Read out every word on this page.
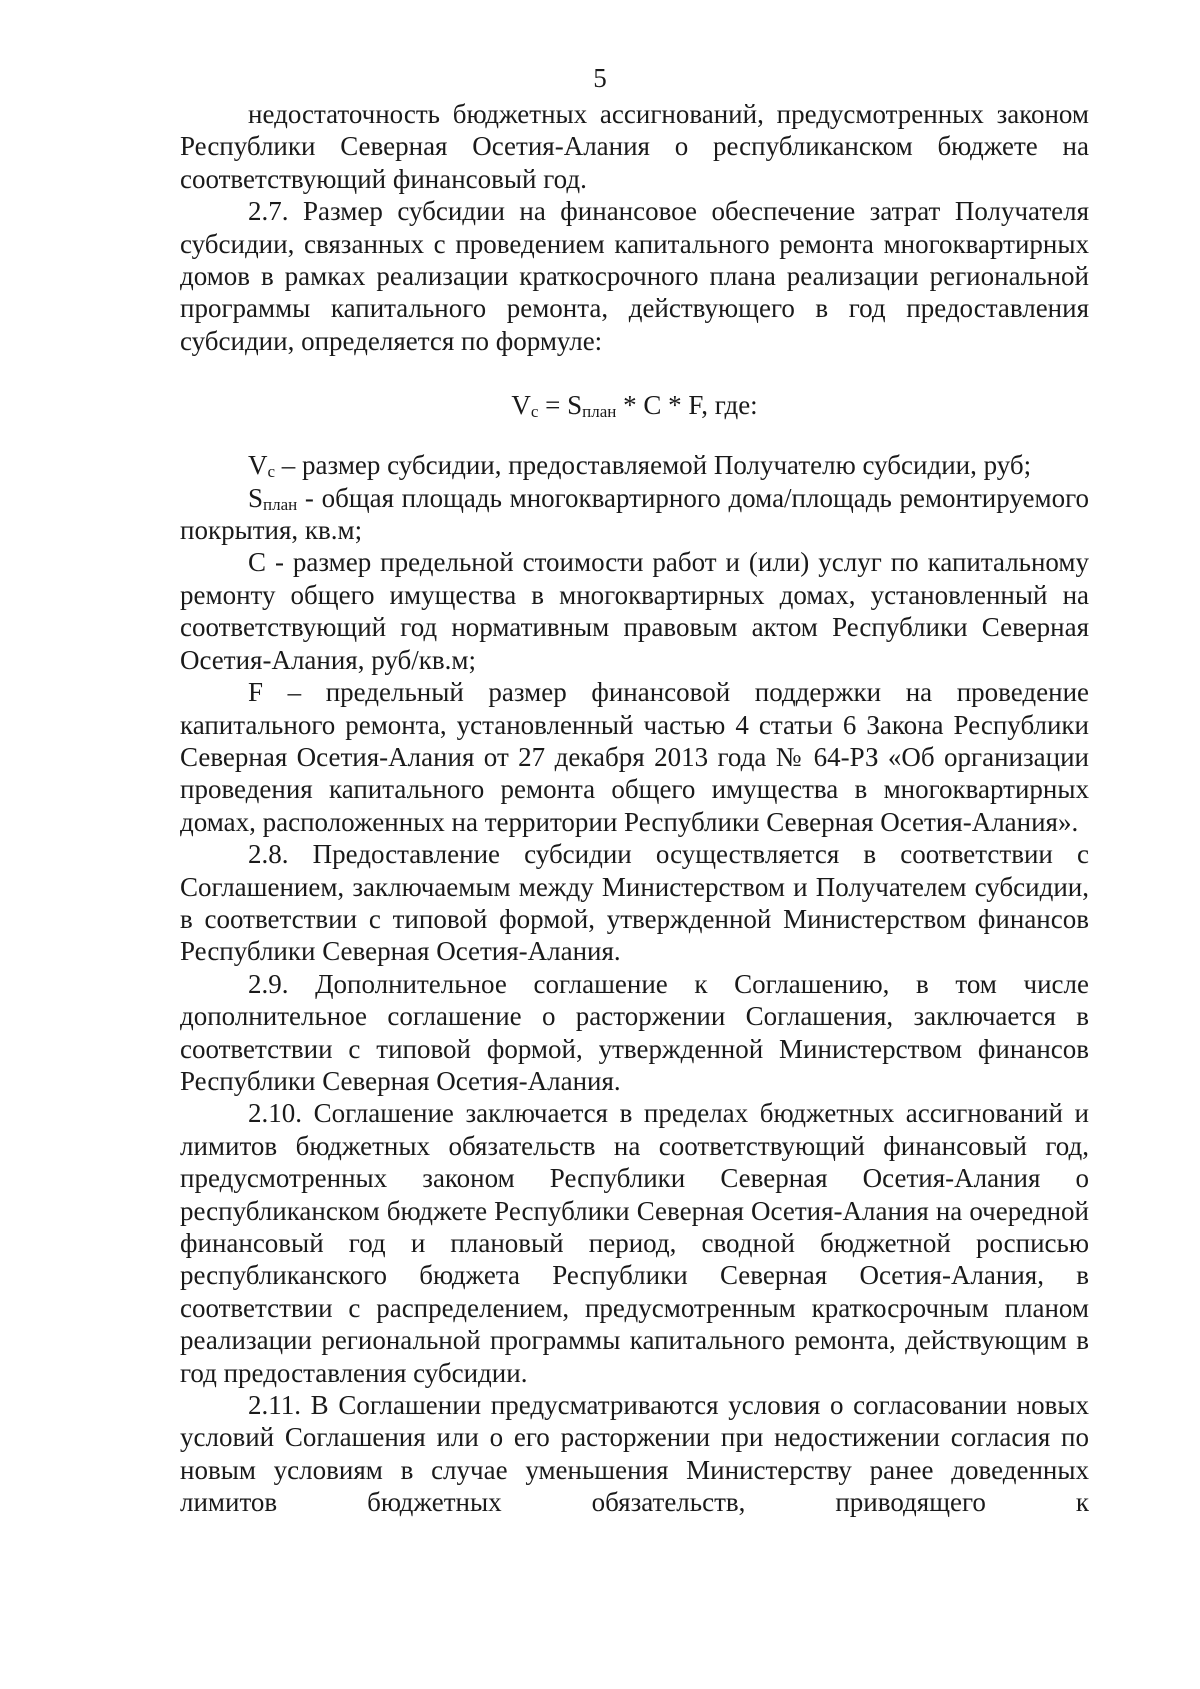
5

недостаточность бюджетных ассигнований, предусмотренных законом Республики Северная Осетия-Алания о республиканском бюджете на соответствующий финансовый год.

2.7. Размер субсидии на финансовое обеспечение затрат Получателя субсидии, связанных с проведением капитального ремонта многоквартирных домов в рамках реализации краткосрочного плана реализации региональной программы капитального ремонта, действующего в год предоставления субсидии, определяется по формуле:

$V_с = S_{план} * C * F$, где:

$V_с$ – размер субсидии, предоставляемой Получателю субсидии, руб;

$S_{план}$ - общая площадь многоквартирного дома/площадь ремонтируемого покрытия, кв.м;

C - размер предельной стоимости работ и (или) услуг по капитальному ремонту общего имущества в многоквартирных домах, установленный на соответствующий год нормативным правовым актом Республики Северная Осетия-Алания, руб/кв.м;

F – предельный размер финансовой поддержки на проведение капитального ремонта, установленный частью 4 статьи 6 Закона Республики Северная Осетия-Алания от 27 декабря 2013 года № 64-РЗ «Об организации проведения капитального ремонта общего имущества в многоквартирных домах, расположенных на территории Республики Северная Осетия-Алания».

2.8. Предоставление субсидии осуществляется в соответствии с Соглашением, заключаемым между Министерством и Получателем субсидии, в соответствии с типовой формой, утвержденной Министерством финансов Республики Северная Осетия-Алания.

2.9. Дополнительное соглашение к Соглашению, в том числе дополнительное соглашение о расторжении Соглашения, заключается в соответствии с типовой формой, утвержденной Министерством финансов Республики Северная Осетия-Алания.

2.10. Соглашение заключается в пределах бюджетных ассигнований и лимитов бюджетных обязательств на соответствующий финансовый год, предусмотренных законом Республики Северная Осетия-Алания о республиканском бюджете Республики Северная Осетия-Алания на очередной финансовый год и плановый период, сводной бюджетной росписью республиканского бюджета Республики Северная Осетия-Алания, в соответствии с распределением, предусмотренным краткосрочным планом реализации региональной программы капитального ремонта, действующим в год предоставления субсидии.

2.11. В Соглашении предусматриваются условия о согласовании новых условий Соглашения или о его расторжении при недостижении согласия по новым условиям в случае уменьшения Министерству ранее доведенных лимитов бюджетных обязательств, приводящего к
